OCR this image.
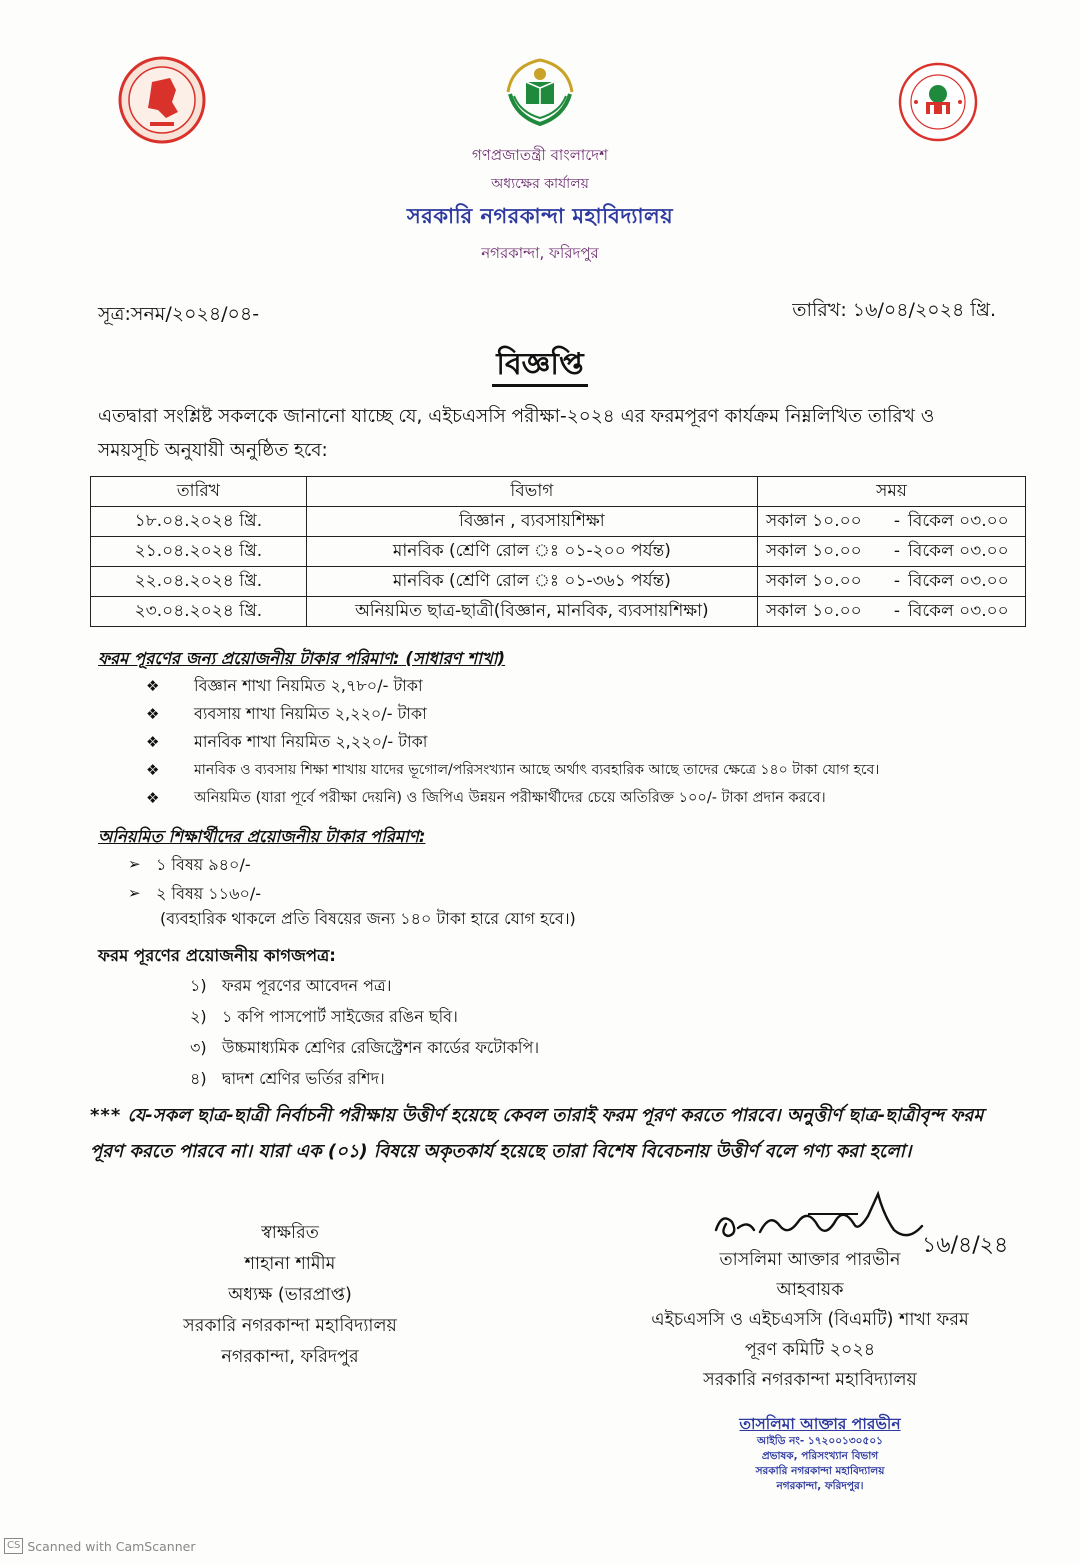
গণপ্রজাতন্ত্রী বাংলাদেশ
অধ্যক্ষের কার্যালয়
সরকারি নগরকান্দা মহাবিদ্যালয়
নগরকান্দা, ফরিদপুর
সূত্র:সনম/২০২৪/০৪-	তারিখ: ১৬/০৪/২০২৪ খ্রি.
বিজ্ঞপ্তি

এতদ্বারা সংশ্লিষ্ট সকলকে জানানো যাচ্ছে যে, এইচএসসি পরীক্ষা-২০২৪ এর ফরমপূরণ কার্যক্রম নিম্নলিখিত তারিখ ও সময়সূচি অনুযায়ী অনুষ্ঠিত হবে:

তারিখ	বিভাগ	সময়
১৮.০৪.২০২৪ খ্রি.	বিজ্ঞান , ব্যবসায়শিক্ষা	সকাল ১০.০০ - বিকেল ০৩.০০
২১.০৪.২০২৪ খ্রি.	মানবিক (শ্রেণি রোল ঃ ০১-২০০ পর্যন্ত)	সকাল ১০.০০ - বিকেল ০৩.০০
২২.০৪.২০২৪ খ্রি.	মানবিক (শ্রেণি রোল ঃ ০১-৩৬১ পর্যন্ত)	সকাল ১০.০০ - বিকেল ০৩.০০
২৩.০৪.২০২৪ খ্রি.	অনিয়মিত ছাত্র-ছাত্রী(বিজ্ঞান, মানবিক, ব্যবসায়শিক্ষা)	সকাল ১০.০০ - বিকেল ০৩.০০
ফরম পূরণের জন্য প্রয়োজনীয় টাকার পরিমাণ: (সাধারণ শাখা)
❖	বিজ্ঞান শাখা নিয়মিত ২,৭৮০/- টাকা
❖	ব্যবসায় শাখা নিয়মিত ২,২২০/- টাকা
❖	মানবিক শাখা নিয়মিত ২,২২০/- টাকা
❖	মানবিক ও ব্যবসায় শিক্ষা শাখায় যাদের ভূগোল/পরিসংখ্যান আছে অর্থাৎ ব্যবহারিক আছে তাদের ক্ষেত্রে ১৪০ টাকা যোগ হবে।
❖	অনিয়মিত (যারা পূর্বে পরীক্ষা দেয়নি) ও জিপিএ উন্নয়ন পরীক্ষার্থীদের চেয়ে অতিরিক্ত ১০০/- টাকা প্রদান করবে।
অনিয়মিত শিক্ষার্থীদের প্রয়োজনীয় টাকার পরিমাণ:
➢ ১ বিষয় ৯৪০/-
➢ ২ বিষয় ১১৬০/-
(ব্যবহারিক থাকলে প্রতি বিষয়ের জন্য ১৪০ টাকা হারে যোগ হবে।)
ফরম পূরণের প্রয়োজনীয় কাগজপত্র:
১) ফরম পূরণের আবেদন পত্র।
২) ১ কপি পাসপোর্ট সাইজের রঙিন ছবি।
৩) উচ্চমাধ্যমিক শ্রেণির রেজিস্ট্রেশন কার্ডের ফটোকপি।
৪) দ্বাদশ শ্রেণির ভর্তির রশিদ।

*** যে-সকল ছাত্র-ছাত্রী নির্বাচনী পরীক্ষায় উত্তীর্ণ হয়েছে কেবল তারাই ফরম পূরণ করতে পারবে। অনুত্তীর্ণ ছাত্র-ছাত্রীবৃন্দ ফরম পূরণ করতে পারবে না। যারা এক (০১) বিষয়ে অকৃতকার্য হয়েছে তারা বিশেষ বিবেচনায় উত্তীর্ণ বলে গণ্য করা হলো।

স্বাক্ষরিত
শাহানা শামীম
অধ্যক্ষ (ভারপ্রাপ্ত)
সরকারি নগরকান্দা মহাবিদ্যালয়
নগরকান্দা, ফরিদপুর
১৬/৪/২৪
তাসলিমা আক্তার পারভীন
আহবায়ক
এইচএসসি ও এইচএসসি (বিএমটি) শাখা ফরম
পূরণ কমিটি ২০২৪
সরকারি নগরকান্দা মহাবিদ্যালয়
তাসলিমা আক্তার পারভীন
আইডি নং- ১৭২০০১৩০৫০১
প্রভাষক, পরিসংখ্যান বিভাগ
সরকারি নগরকান্দা মহাবিদ্যালয়
নগরকান্দা, ফরিদপুর।
CS Scanned with CamScanner
